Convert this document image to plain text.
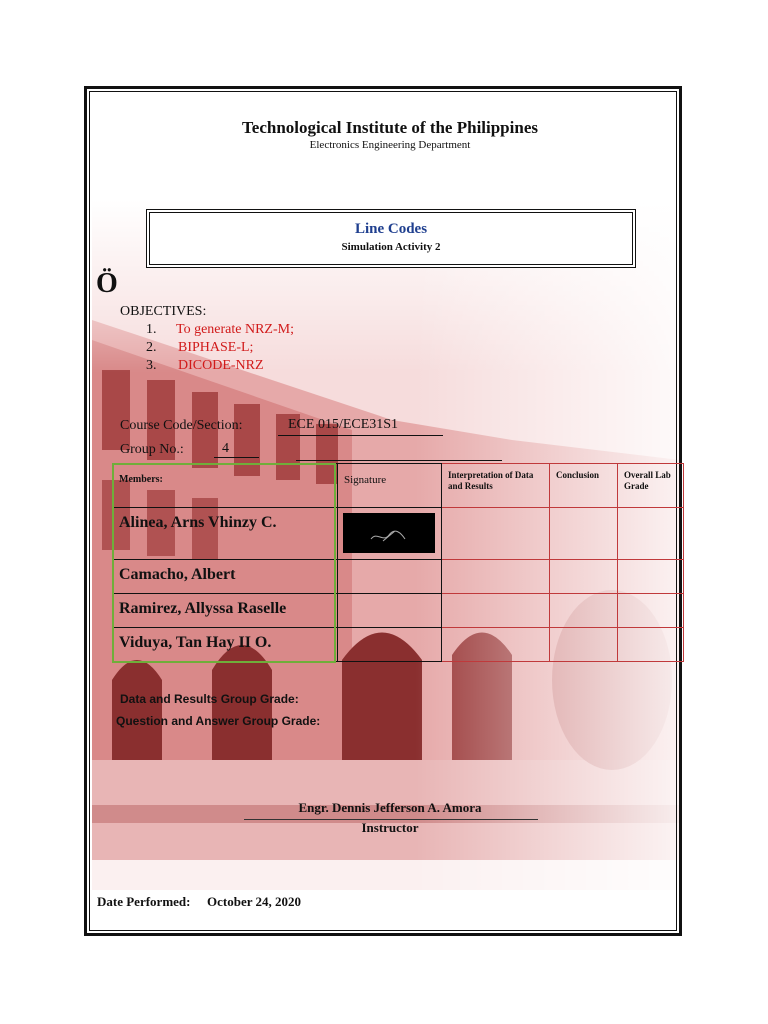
Technological Institute of the Philippines
Electronics Engineering Department
Line Codes
Simulation Activity 2
Ö
OBJECTIVES:
1.	To generate NRZ-M;
2.	BIPHASE-L;
3.	DICODE-NRZ
Course Code/Section:	ECE 015/ECE31S1
Group No.:	4
Members:	Signature	Interpretation of Data and Results	Conclusion	Overall Lab Grade

Alinea, Arns Vhinzy C.

Camacho, Albert				

Ramirez, Allyssa Raselle				

Viduya, Tan Hay II O.				

Data and Results Group Grade:
Question and Answer Group Grade:
Engr. Dennis Jefferson A. Amora
Instructor
Date Performed: October 24, 2020
